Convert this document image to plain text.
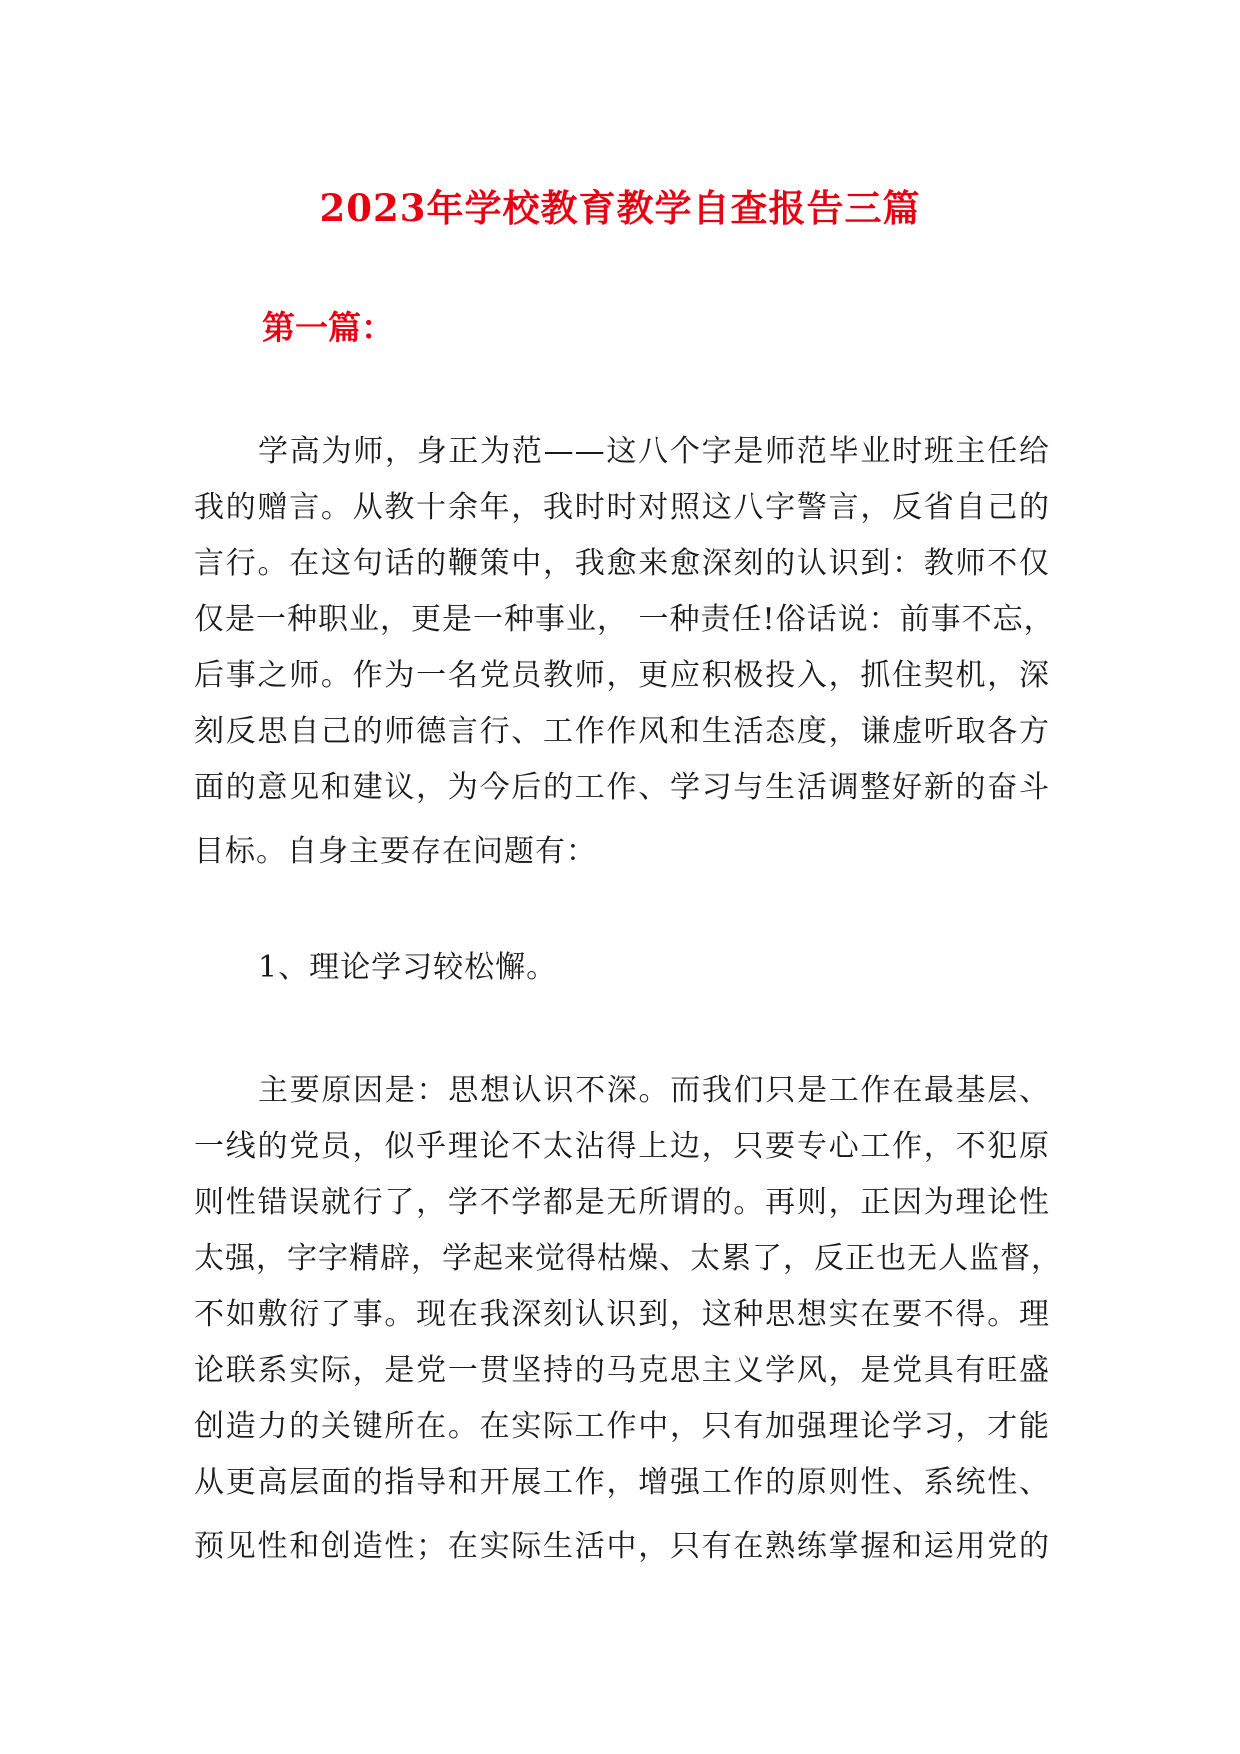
2023年学校教育教学自查报告三篇
第一篇：
学高为师，身正为范——这八个字是师范毕业时班主任给
我的赠言。从教十余年，我时时对照这八字警言，反省自己的
言行。在这句话的鞭策中，我愈来愈深刻的认识到：教师不仅
仅是一种职业，更是一种事业， 一种责任!俗话说：前事不忘，
后事之师。作为一名党员教师，更应积极投入，抓住契机，深
刻反思自己的师德言行、工作作风和生活态度，谦虚听取各方
面的意见和建议，为今后的工作、学习与生活调整好新的奋斗
目标。自身主要存在问题有：

1、理论学习较松懈。

主要原因是：思想认识不深。而我们只是工作在最基层、
一线的党员，似乎理论不太沾得上边，只要专心工作，不犯原
则性错误就行了，学不学都是无所谓的。再则，正因为理论性
太强，字字精辟，学起来觉得枯燥、太累了，反正也无人监督，
不如敷衍了事。现在我深刻认识到，这种思想实在要不得。理
论联系实际，是党一贯坚持的马克思主义学风，是党具有旺盛
创造力的关键所在。在实际工作中，只有加强理论学习，才能
从更高层面的指导和开展工作，增强工作的原则性、系统性、
预见性和创造性；在实际生活中，只有在熟练掌握和运用党的
